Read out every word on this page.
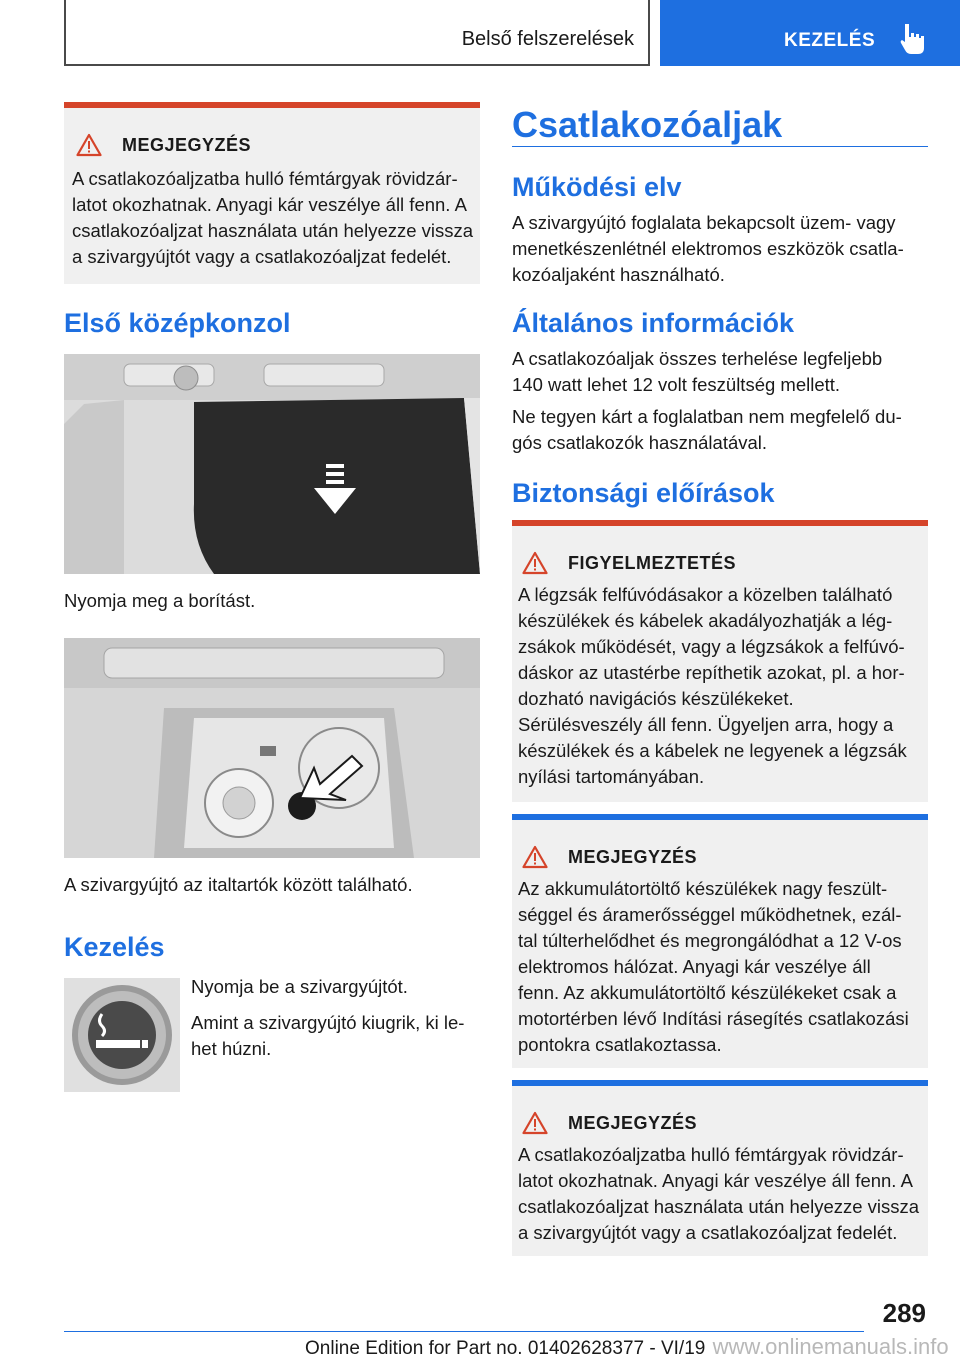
Belső felszerelések	KEZELÉS
MEGJEGYZÉS
A csatlakozóaljzatba hulló fémtárgyak rövidzár-
latot okozhatnak. Anyagi kár veszélye áll fenn. A
csatlakozóaljzat használata után helyezze vissza
a szivargyújtót vagy a csatlakozóaljzat fedelét.
Első középkonzol
Nyomja meg a borítást.
A szivargyújtó az italtartók között található.
Kezelés
Nyomja be a szivargyújtót.
Amint a szivargyújtó kiugrik, ki le-
het húzni.
Csatlakozóaljak
Működési elv
A szivargyújtó foglalata bekapcsolt üzem- vagy
menetkészenlétnél elektromos eszközök csatla-
kozóaljaként használható.
Általános információk
A csatlakozóaljak összes terhelése legfeljebb
140 watt lehet 12 volt feszültség mellett.
Ne tegyen kárt a foglalatban nem megfelelő du-
gós csatlakozók használatával.
Biztonsági előírások
FIGYELMEZTETÉS
A légzsák felfúvódásakor a közelben található
készülékek és kábelek akadályozhatják a lég-
zsákok működését, vagy a légzsákok a felfúvó-
dáskor az utastérbe repíthetik azokat, pl. a hor-
dozható navigációs készülékeket.
Sérülésveszély áll fenn. Ügyeljen arra, hogy a
készülékek és a kábelek ne legyenek a légzsák
nyílási tartományában.
MEGJEGYZÉS
Az akkumulátortöltő készülékek nagy feszült-
séggel és áramerősséggel működhetnek, ezál-
tal túlterhelődhet és megrongálódhat a 12 V-os
elektromos hálózat. Anyagi kár veszélye áll
fenn. Az akkumulátortöltő készülékeket csak a
motortérben lévő Indítási rásegítés csatlakozási
pontokra csatlakoztassa.
MEGJEGYZÉS
A csatlakozóaljzatba hulló fémtárgyak rövidzár-
latot okozhatnak. Anyagi kár veszélye áll fenn. A
csatlakozóaljzat használata után helyezze vissza
a szivargyújtót vagy a csatlakozóaljzat fedelét.
289
Online Edition for Part no. 01402628377 - VI/19 www.onlinemanuals.info
